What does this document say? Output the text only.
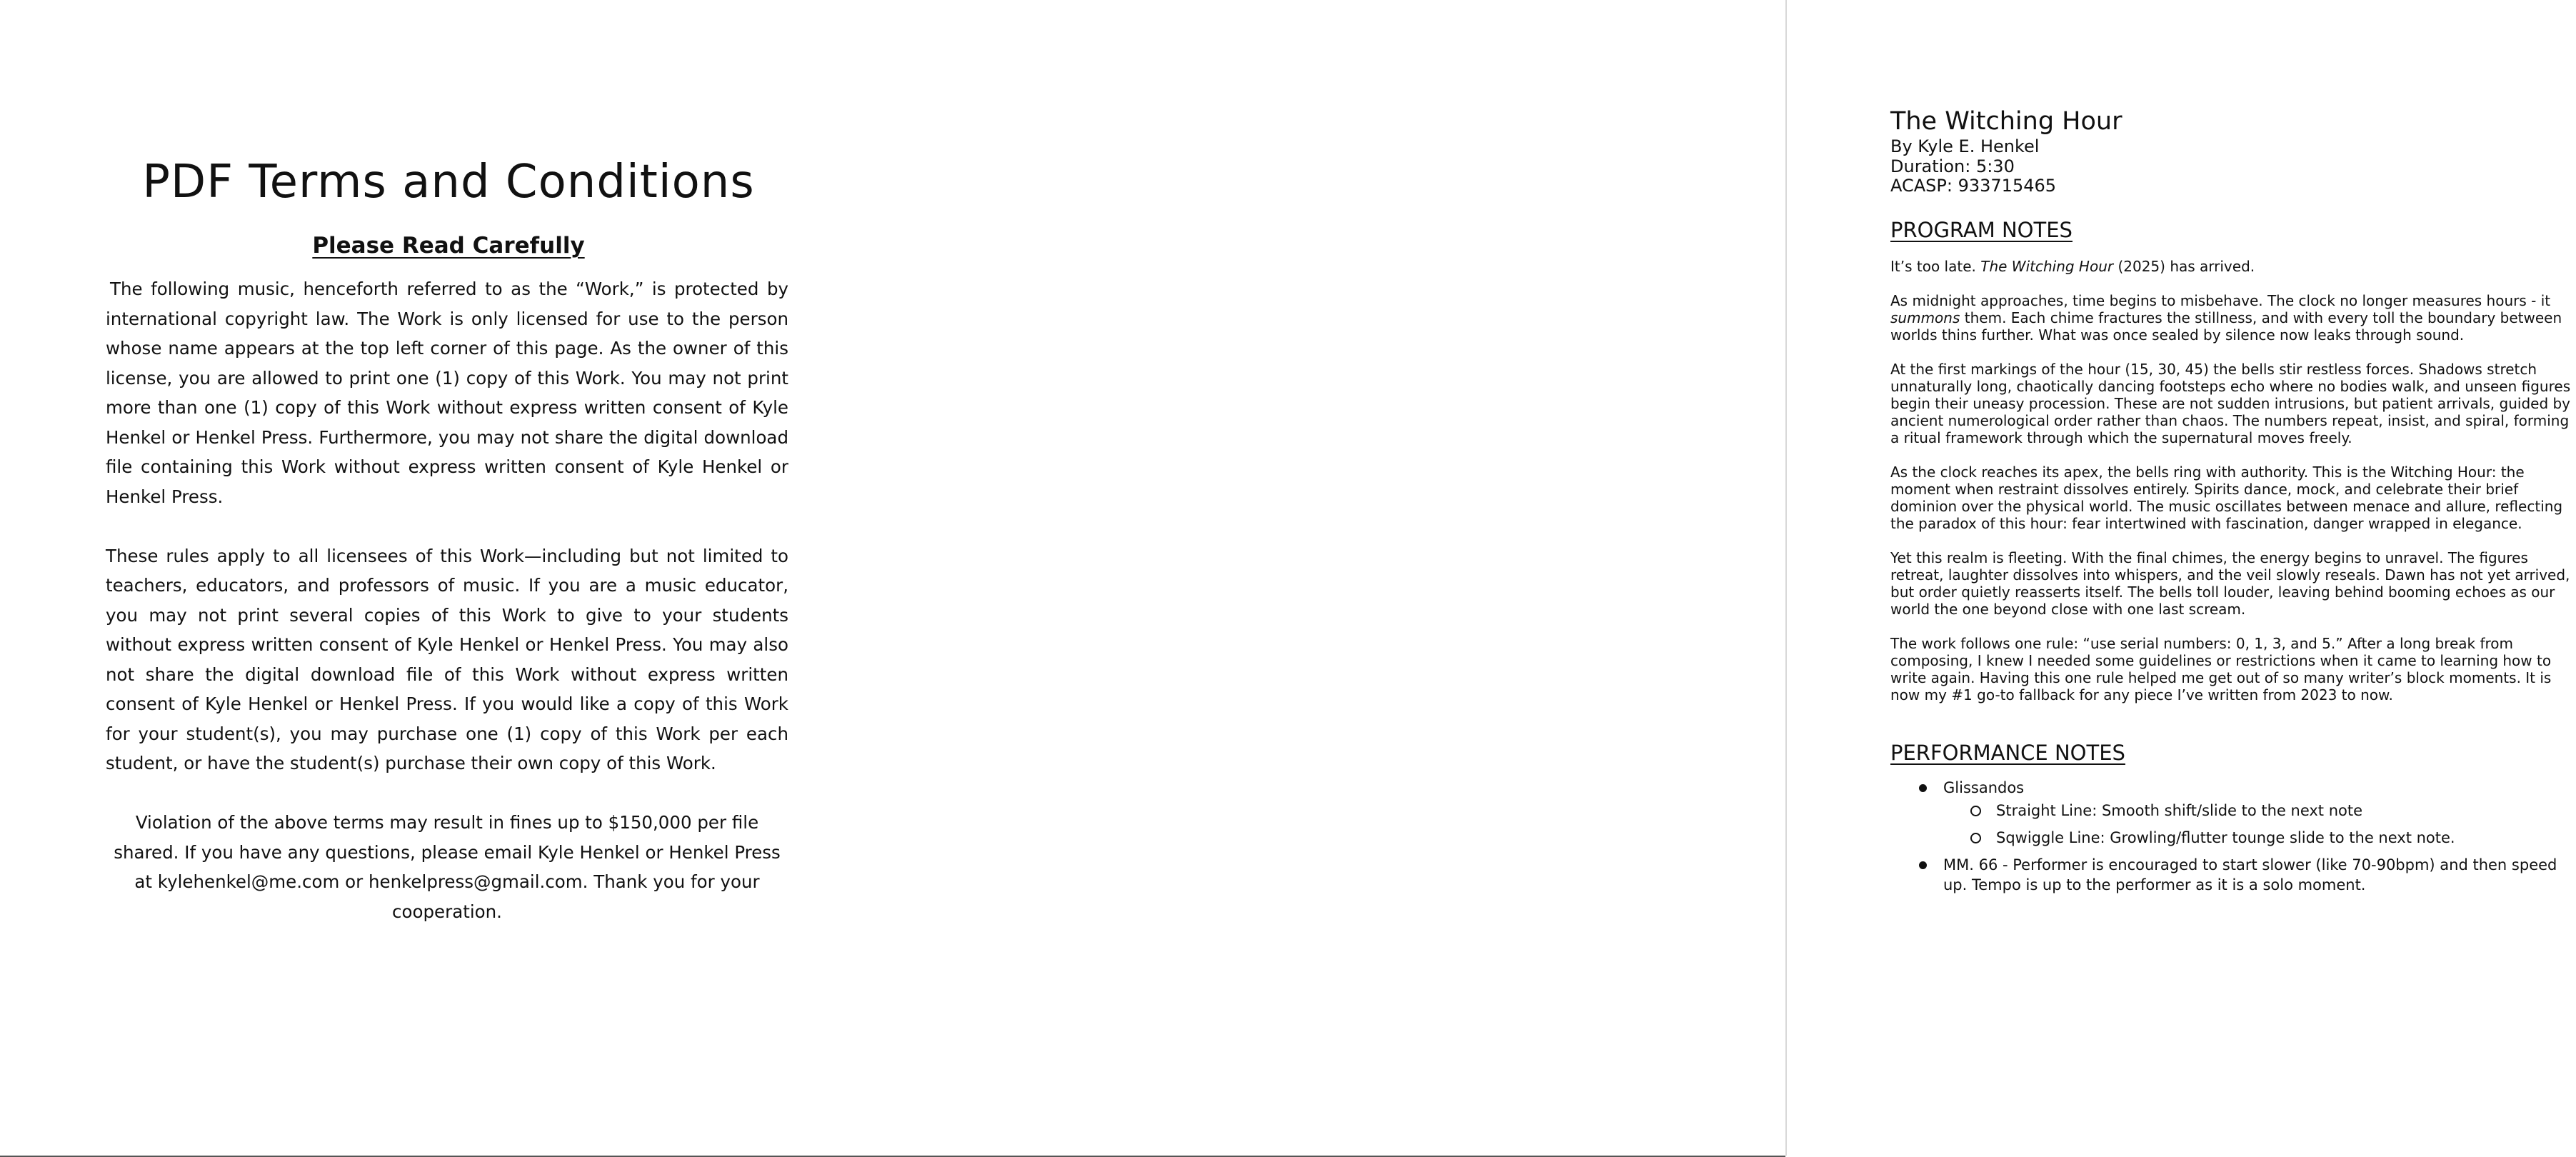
PDF Terms and Conditions
Please Read Carefully

The following music, henceforth referred to as the “Work,” is protected by international copyright law. The Work is only licensed for use to the person whose name appears at the top left corner of this page. As the owner of this license, you are allowed to print one (1) copy of this Work. You may not print more than one (1) copy of this Work without express written consent of Kyle Henkel or Henkel Press. Furthermore, you may not share the digital download file containing this Work without express written consent of Kyle Henkel or Henkel Press.

These rules apply to all licensees of this Work—including but not limited to teachers, educators, and professors of music. If you are a music educator, you may not print several copies of this Work to give to your students without express written consent of Kyle Henkel or Henkel Press. You may also not share the digital download file of this Work without express written consent of Kyle Henkel or Henkel Press. If you would like a copy of this Work for your student(s), you may purchase one (1) copy of this Work per each student, or have the student(s) purchase their own copy of this Work.

Violation of the above terms may result in fines up to $150,000 per file shared. If you have any questions, please email Kyle Henkel or Henkel Press at kylehenkel@me.com or henkelpress@gmail.com. Thank you for your cooperation.

The Witching Hour

By Kyle E. Henkel

Duration: 5:30

ACASP: 933715465

PROGRAM NOTES

It’s too late. The Witching Hour (2025) has arrived.

As midnight approaches, time begins to misbehave. The clock no longer measures hours - it summons them. Each chime fractures the stillness, and with every toll the boundary between worlds thins further. What was once sealed by silence now leaks through sound.

At the first markings of the hour (15, 30, 45) the bells stir restless forces. Shadows stretch unnaturally long, chaotically dancing footsteps echo where no bodies walk, and unseen figures begin their uneasy procession. These are not sudden intrusions, but patient arrivals, guided by ancient numerological order rather than chaos. The numbers repeat, insist, and spiral, forming a ritual framework through which the supernatural moves freely.

As the clock reaches its apex, the bells ring with authority. This is the Witching Hour: the moment when restraint dissolves entirely. Spirits dance, mock, and celebrate their brief dominion over the physical world. The music oscillates between menace and allure, reflecting the paradox of this hour: fear intertwined with fascination, danger wrapped in elegance.

Yet this realm is fleeting. With the final chimes, the energy begins to unravel. The figures retreat, laughter dissolves into whispers, and the veil slowly reseals. Dawn has not yet arrived, but order quietly reasserts itself. The bells toll louder, leaving behind booming echoes as our world the one beyond close with one last scream.

The work follows one rule: “use serial numbers: 0, 1, 3, and 5.” After a long break from composing, I knew I needed some guidelines or restrictions when it came to learning how to write again. Having this one rule helped me get out of so many writer’s block moments. It is now my #1 go-to fallback for any piece I’ve written from 2023 to now.

PERFORMANCE NOTES
Glissandos
Straight Line: Smooth shift/slide to the next note
Sqwiggle Line: Growling/flutter tounge slide to the next note.
MM. 66 - Performer is encouraged to start slower (like 70-90bpm) and then speed up. Tempo is up to the performer as it is a solo moment.
